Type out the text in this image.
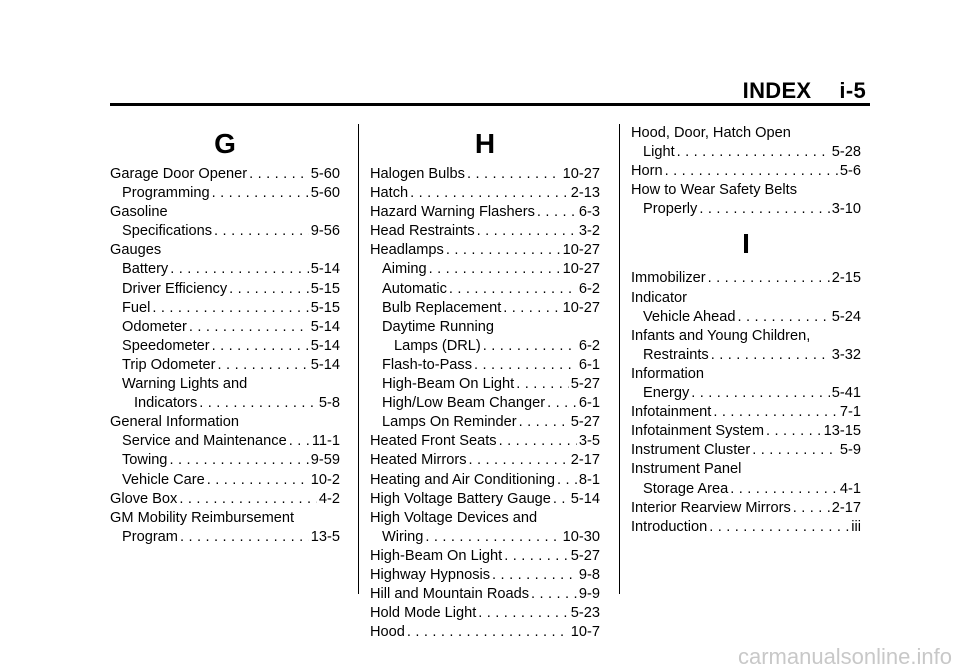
INDEX i-5
G
Garage Door Opener . . .	5-60
Programming . . .	5-60
Gasoline
Specifications . . .	9-56
Gauges
Battery . . .	5-14
Driver Efficiency . . .	5-15
Fuel . . .	5-15
Odometer . . .	5-14
Speedometer . . .	5-14
Trip Odometer . . .	5-14
Warning Lights and
Indicators . . .	5-8
General Information
Service and Maintenance . . . 11-1
Towing . . .	9-59
Vehicle Care . . .	10-2
Glove Box . . .	4-2
GM Mobility Reimbursement
Program . . .	13-5
H
Halogen Bulbs . . .	10-27
Hatch . . .	2-13
Hazard Warning Flashers . . .	6-3
Head Restraints . . .	3-2
Headlamps . . .	10-27
Aiming . . .	10-27
Automatic . . .	6-2
Bulb Replacement . . .	10-27
Daytime Running
Lamps (DRL) . . .	6-2
Flash-to-Pass . . .	6-1
High-Beam On Light . . .	5-27
High/Low Beam Changer . . . 6-1
Lamps On Reminder . . .	5-27
Heated Front Seats . . .	3-5
Heated Mirrors . . .	2-17
Heating and Air Conditioning . . . 8-1
High Voltage Battery Gauge . . . 5-14
High Voltage Devices and
Wiring . . .	10-30
High-Beam On Light . . .	5-27
Highway Hypnosis . . .	9-8
Hill and Mountain Roads . . .	9-9
Hold Mode Light . . .	5-23
Hood . . .	10-7
Hood, Door, Hatch Open
Light . . .	5-28
Horn . . .	5-6
How to Wear Safety Belts
Properly . . .	3-10
I
Immobilizer . . .	2-15
Indicator
Vehicle Ahead . . .	5-24
Infants and Young Children,
Restraints . . .	3-32
Information
Energy . . .	5-41
Infotainment . . .	7-1
Infotainment System . . .	13-15
Instrument Cluster . . .	5-9
Instrument Panel
Storage Area . . .	4-1
Interior Rearview Mirrors . . .	2-17
Introduction . . .	iii
carmanualsonline.info
